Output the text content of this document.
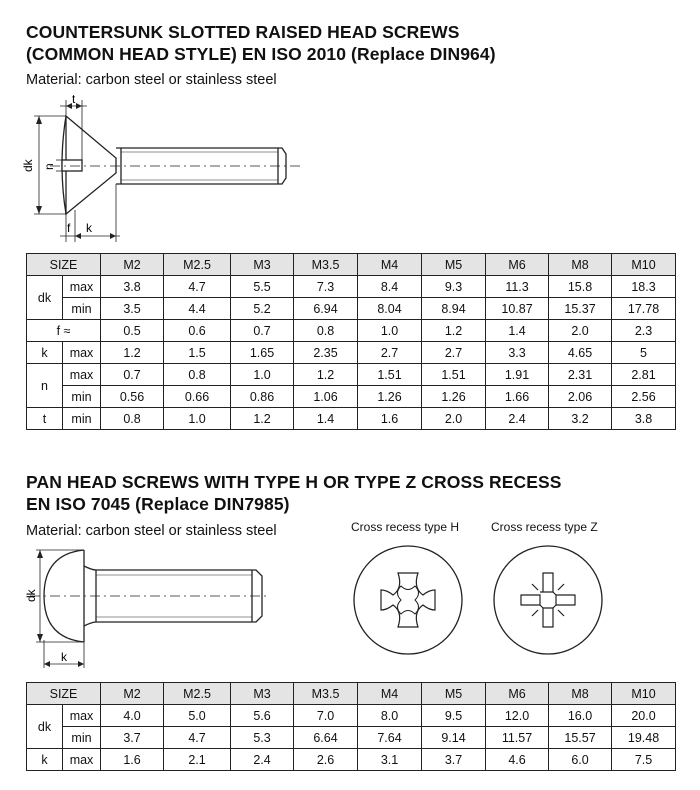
COUNTERSUNK SLOTTED RAISED HEAD SCREWS
(COMMON HEAD STYLE) EN ISO 2010 (Replace DIN964)
Material: carbon steel or stainless steel
t
dk n
f k
SIZE		M2	M2.5	M3	M3.5	M4	M5	M6	M8	M10
dk	max	3.8	4.7	5.5	7.3	8.4	9.3	11.3	15.8	18.3
	min	3.5	4.4	5.2	6.94	8.04	8.94	10.87	15.37	17.78
f ≈		0.5	0.6	0.7	0.8	1.0	1.2	1.4	2.0	2.3
k	max	1.2	1.5	1.65	2.35	2.7	2.7	3.3	4.65	5
n	max	0.7	0.8	1.0	1.2	1.51	1.51	1.91	2.31	2.81
	min	0.56	0.66	0.86	1.06	1.26	1.26	1.66	2.06	2.56
t	min	0.8	1.0	1.2	1.4	1.6	2.0	2.4	3.2	3.8
PAN HEAD SCREWS WITH TYPE H OR TYPE Z CROSS RECESS
EN ISO 7045 (Replace DIN7985)
Material: carbon steel or stainless steel
dk
k
Cross recess type H	Cross recess type Z
SIZE		M2	M2.5	M3	M3.5	M4	M5	M6	M8	M10
dk	max	4.0	5.0	5.6	7.0	8.0	9.5	12.0	16.0	20.0
	min	3.7	4.7	5.3	6.64	7.64	9.14	11.57	15.57	19.48
k	max	1.6	2.1	2.4	2.6	3.1	3.7	4.6	6.0	7.5
